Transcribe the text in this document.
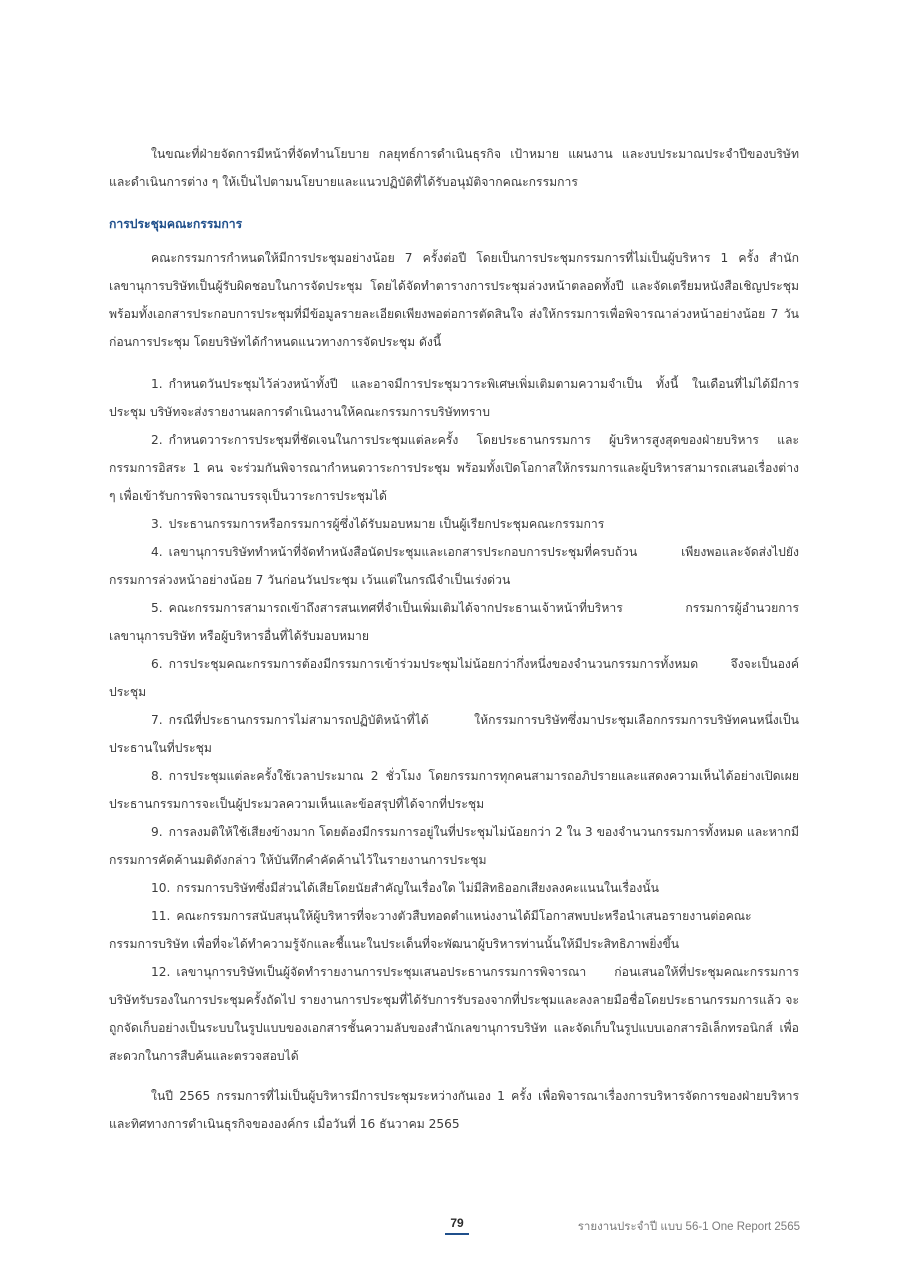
ในขณะที่ฝ่ายจัดการมีหน้าที่จัดทำนโยบาย กลยุทธ์การดำเนินธุรกิจ เป้าหมาย แผนงาน และงบประมาณประจำปีของบริษัท และดำเนินการต่าง ๆ ให้เป็นไปตามนโยบายและแนวปฏิบัติที่ได้รับอนุมัติจากคณะกรรมการ

การประชุมคณะกรรมการ

คณะกรรมการกำหนดให้มีการประชุมอย่างน้อย 7 ครั้งต่อปี โดยเป็นการประชุมกรรมการที่ไม่เป็นผู้บริหาร 1 ครั้ง สำนักเลขานุการบริษัทเป็นผู้รับผิดชอบในการจัดประชุม โดยได้จัดทำตารางการประชุมล่วงหน้าตลอดทั้งปี และจัดเตรียมหนังสือเชิญประชุมพร้อมทั้งเอกสารประกอบการประชุมที่มีข้อมูลรายละเอียดเพียงพอต่อการตัดสินใจ ส่งให้กรรมการเพื่อพิจารณาล่วงหน้าอย่างน้อย 7 วัน ก่อนการประชุม โดยบริษัทได้กำหนดแนวทางการจัดประชุม ดังนี้

1. กำหนดวันประชุมไว้ล่วงหน้าทั้งปี และอาจมีการประชุมวาระพิเศษเพิ่มเติมตามความจำเป็น ทั้งนี้ ในเดือนที่ไม่ได้มีการประชุม บริษัทจะส่งรายงานผลการดำเนินงานให้คณะกรรมการบริษัททราบ

2. กำหนดวาระการประชุมที่ชัดเจนในการประชุมแต่ละครั้ง โดยประธานกรรมการ ผู้บริหารสูงสุดของฝ่ายบริหาร และกรรมการอิสระ 1 คน จะร่วมกันพิจารณากำหนดวาระการประชุม พร้อมทั้งเปิดโอกาสให้กรรมการและผู้บริหารสามารถเสนอเรื่องต่าง ๆ เพื่อเข้ารับการพิจารณาบรรจุเป็นวาระการประชุมได้

3. ประธานกรรมการหรือกรรมการผู้ซึ่งได้รับมอบหมาย เป็นผู้เรียกประชุมคณะกรรมการ

4. เลขานุการบริษัททำหน้าที่จัดทำหนังสือนัดประชุมและเอกสารประกอบการประชุมที่ครบถ้วน เพียงพอและจัดส่งไปยังกรรมการล่วงหน้าอย่างน้อย 7 วันก่อนวันประชุม เว้นแต่ในกรณีจำเป็นเร่งด่วน

5. คณะกรรมการสามารถเข้าถึงสารสนเทศที่จำเป็นเพิ่มเติมได้จากประธานเจ้าหน้าที่บริหาร กรรมการผู้อำนวยการ เลขานุการบริษัท หรือผู้บริหารอื่นที่ได้รับมอบหมาย

6. การประชุมคณะกรรมการต้องมีกรรมการเข้าร่วมประชุมไม่น้อยกว่ากึ่งหนึ่งของจำนวนกรรมการทั้งหมด จึงจะเป็นองค์ประชุม

7. กรณีที่ประธานกรรมการไม่สามารถปฏิบัติหน้าที่ได้ ให้กรรมการบริษัทซึ่งมาประชุมเลือกกรรมการบริษัทคนหนึ่งเป็นประธานในที่ประชุม

8. การประชุมแต่ละครั้งใช้เวลาประมาณ 2 ชั่วโมง โดยกรรมการทุกคนสามารถอภิปรายและแสดงความเห็นได้อย่างเปิดเผย ประธานกรรมการจะเป็นผู้ประมวลความเห็นและข้อสรุปที่ได้จากที่ประชุม

9. การลงมติให้ใช้เสียงข้างมาก โดยต้องมีกรรมการอยู่ในที่ประชุมไม่น้อยกว่า 2 ใน 3 ของจำนวนกรรมการทั้งหมด และหากมีกรรมการคัดค้านมติดังกล่าว ให้บันทึกคำคัดค้านไว้ในรายงานการประชุม

10. กรรมการบริษัทซึ่งมีส่วนได้เสียโดยนัยสำคัญในเรื่องใด ไม่มีสิทธิออกเสียงลงคะแนนในเรื่องนั้น

11. คณะกรรมการสนับสนุนให้ผู้บริหารที่จะวางตัวสืบทอดตำแหน่งงานได้มีโอกาสพบปะหรือนำเสนอรายงานต่อคณะกรรมการบริษัท เพื่อที่จะได้ทำความรู้จักและชี้แนะในประเด็นที่จะพัฒนาผู้บริหารท่านนั้นให้มีประสิทธิภาพยิ่งขึ้น

12. เลขานุการบริษัทเป็นผู้จัดทำรายงานการประชุมเสนอประธานกรรมการพิจารณา ก่อนเสนอให้ที่ประชุมคณะกรรมการบริษัทรับรองในการประชุมครั้งถัดไป รายงานการประชุมที่ได้รับการรับรองจากที่ประชุมและลงลายมือชื่อโดยประธานกรรมการแล้ว จะถูกจัดเก็บอย่างเป็นระบบในรูปแบบของเอกสารชั้นความลับของสำนักเลขานุการบริษัท และจัดเก็บในรูปแบบเอกสารอิเล็กทรอนิกส์ เพื่อสะดวกในการสืบค้นและตรวจสอบได้

ในปี 2565 กรรมการที่ไม่เป็นผู้บริหารมีการประชุมระหว่างกันเอง 1 ครั้ง เพื่อพิจารณาเรื่องการบริหารจัดการของฝ่ายบริหารและทิศทางการดำเนินธุรกิจขององค์กร เมื่อวันที่ 16 ธันวาคม 2565

79	รายงานประจำปี แบบ 56-1 One Report 2565
